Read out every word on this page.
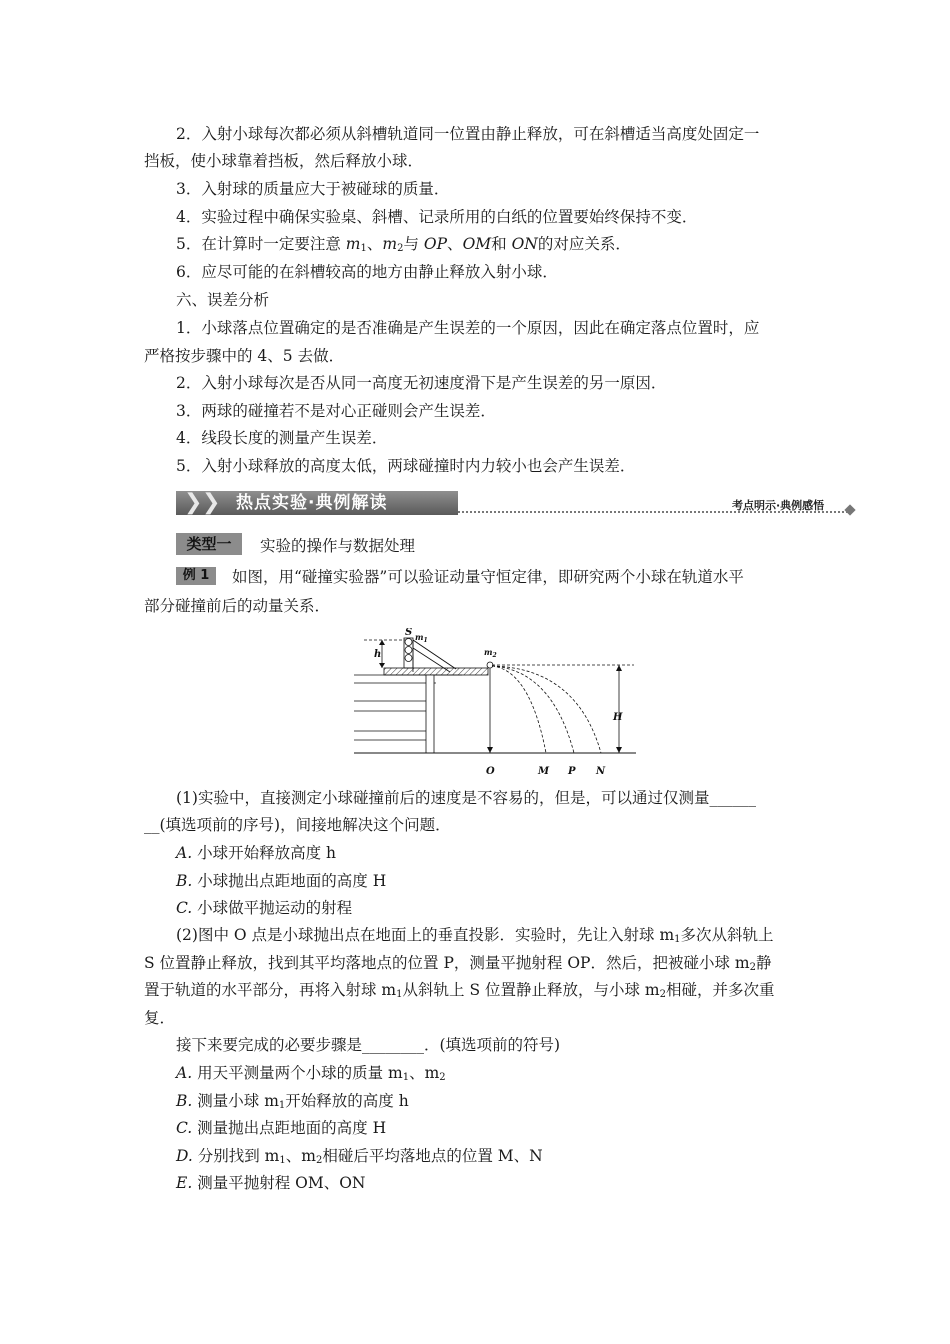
2．入射小球每次都必须从斜槽轨道同一位置由静止释放，可在斜槽适当高度处固定一
挡板，使小球靠着挡板，然后释放小球．
3．入射球的质量应大于被碰球的质量．
4．实验过程中确保实验桌、斜槽、记录所用的白纸的位置要始终保持不变．
5．在计算时一定要注意 $m_1$、$m_2$与 OP、OM和 ON的对应关系．
6．应尽可能的在斜槽较高的地方由静止释放入射小球．
六、误差分析
1．小球落点位置确定的是否准确是产生误差的一个原因，因此在确定落点位置时，应
严格按步骤中的 4、5 去做．
2．入射小球每次是否从同一高度无初速度滑下是产生误差的另一原因．
3．两球的碰撞若不是对心正碰则会产生误差．
4．线段长度的测量产生误差．
5．入射小球释放的高度太低，两球碰撞时内力较小也会产生误差．
❯ ❯ 热点实验·典例解读	考点明示·典例感悟
类型一	实验的操作与数据处理
例 1	如图，用“碰撞实验器”可以验证动量守恒定律，即研究两个小球在轨道水平
部分碰撞前后的动量关系．
h
S $m_1$
$m_2$
H
O	M P N
(1)实验中，直接测定小球碰撞前后的速度是不容易的，但是，可以通过仅测量______
__(填选项前的序号)，间接地解决这个问题．
A. 小球开始释放高度 h
B. 小球抛出点距地面的高度 H
C. 小球做平抛运动的射程
(2)图中 O 点是小球抛出点在地面上的垂直投影．实验时，先让入射球 $m_1$多次从斜轨上
S 位置静止释放，找到其平均落地点的位置 P，测量平抛射程 OP．然后，把被碰小球 $m_2$静
置于轨道的水平部分，再将入射球 $m_1$从斜轨上 S 位置静止释放，与小球 $m_2$相碰，并多次重
复．
接下来要完成的必要步骤是________．(填选项前的符号)
A. 用天平测量两个小球的质量 $m_1$、$m_2$
B. 测量小球 $m_1$开始释放的高度 h
C. 测量抛出点距地面的高度 H
D. 分别找到 $m_1$、$m_2$相碰后平均落地点的位置 M、N
E. 测量平抛射程 OM、ON
